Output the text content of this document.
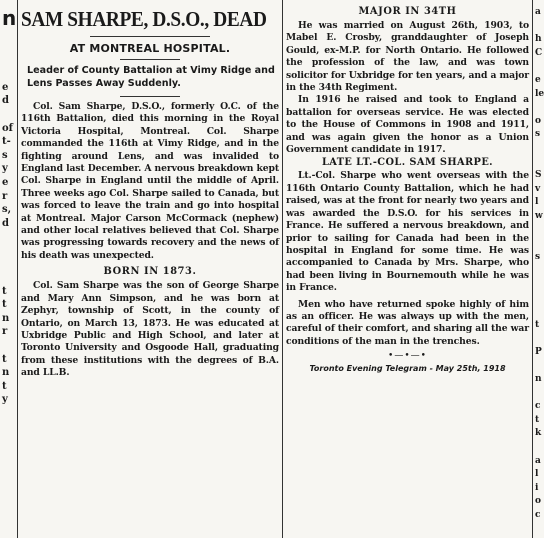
n
e
d
of
t-
s
y
e
r
s,
d
t
t
n
r
t
n
t
y
SAM SHARPE, D.S.O., DEAD
AT MONTREAL HOSPITAL.
Leader of County Battalion at Vimy Ridge and Lens Passes Away Suddenly.

Col. Sam Sharpe, D.S.O., formerly O.C. of the 116th Battalion, died this morning in the Royal Victoria Hospital, Montreal. Col. Sharpe commanded the 116th at Vimy Ridge, and in the fighting around Lens, and was invalided to England last December. A nervous breakdown kept Col. Sharpe in England until the middle of April. Three weeks ago Col. Sharpe sailed to Canada, but was forced to leave the train and go into hospital at Montreal. Major Carson McCormack (nephew) and other local relatives believed that Col. Sharpe was progressing towards recovery and the news of his death was unexpected.

BORN IN 1873.

Col. Sam Sharpe was the son of George Sharpe and Mary Ann Simpson, and he was born at Zephyr, township of Scott, in the county of Ontario, on March 13, 1873. He was educated at Uxbridge Public and High School, and later at Toronto University and Osgoode Hall, graduating from these institutions with the degrees of B.A. and LL.B.

MAJOR IN 34TH

He was married on August 26th, 1903, to Mabel E. Crosby, granddaughter of Joseph Gould, ex-M.P. for North Ontario. He followed the profession of the law, and was town solicitor for Uxbridge for ten years, and a major in the 34th Regiment.

In 1916 he raised and took to England a battalion for overseas service. He was elected to the House of Commons in 1908 and 1911, and was again given the honor as a Union Government candidate in 1917.

LATE LT.-COL. SAM SHARPE.

Lt.-Col. Sharpe who went overseas with the 116th Ontario County Battalion, which he had raised, was at the front for nearly two years and was awarded the D.S.O. for his services in France. He suffered a nervous breakdown, and prior to sailing for Canada had been in the hospital in England for some time. He was accompanied to Canada by Mrs. Sharpe, who had been living in Bournemouth while he was in France.

Men who have returned spoke highly of him as an officer. He was always up with the men, careful of their comfort, and sharing all the war conditions of the man in the trenches.

•—•—•
Toronto Evening Telegram - May 25th, 1918
a
h
C
e
le
o
s
S
v
l
w
s
t
P
n
c
t
k
a
l
i
o
c
